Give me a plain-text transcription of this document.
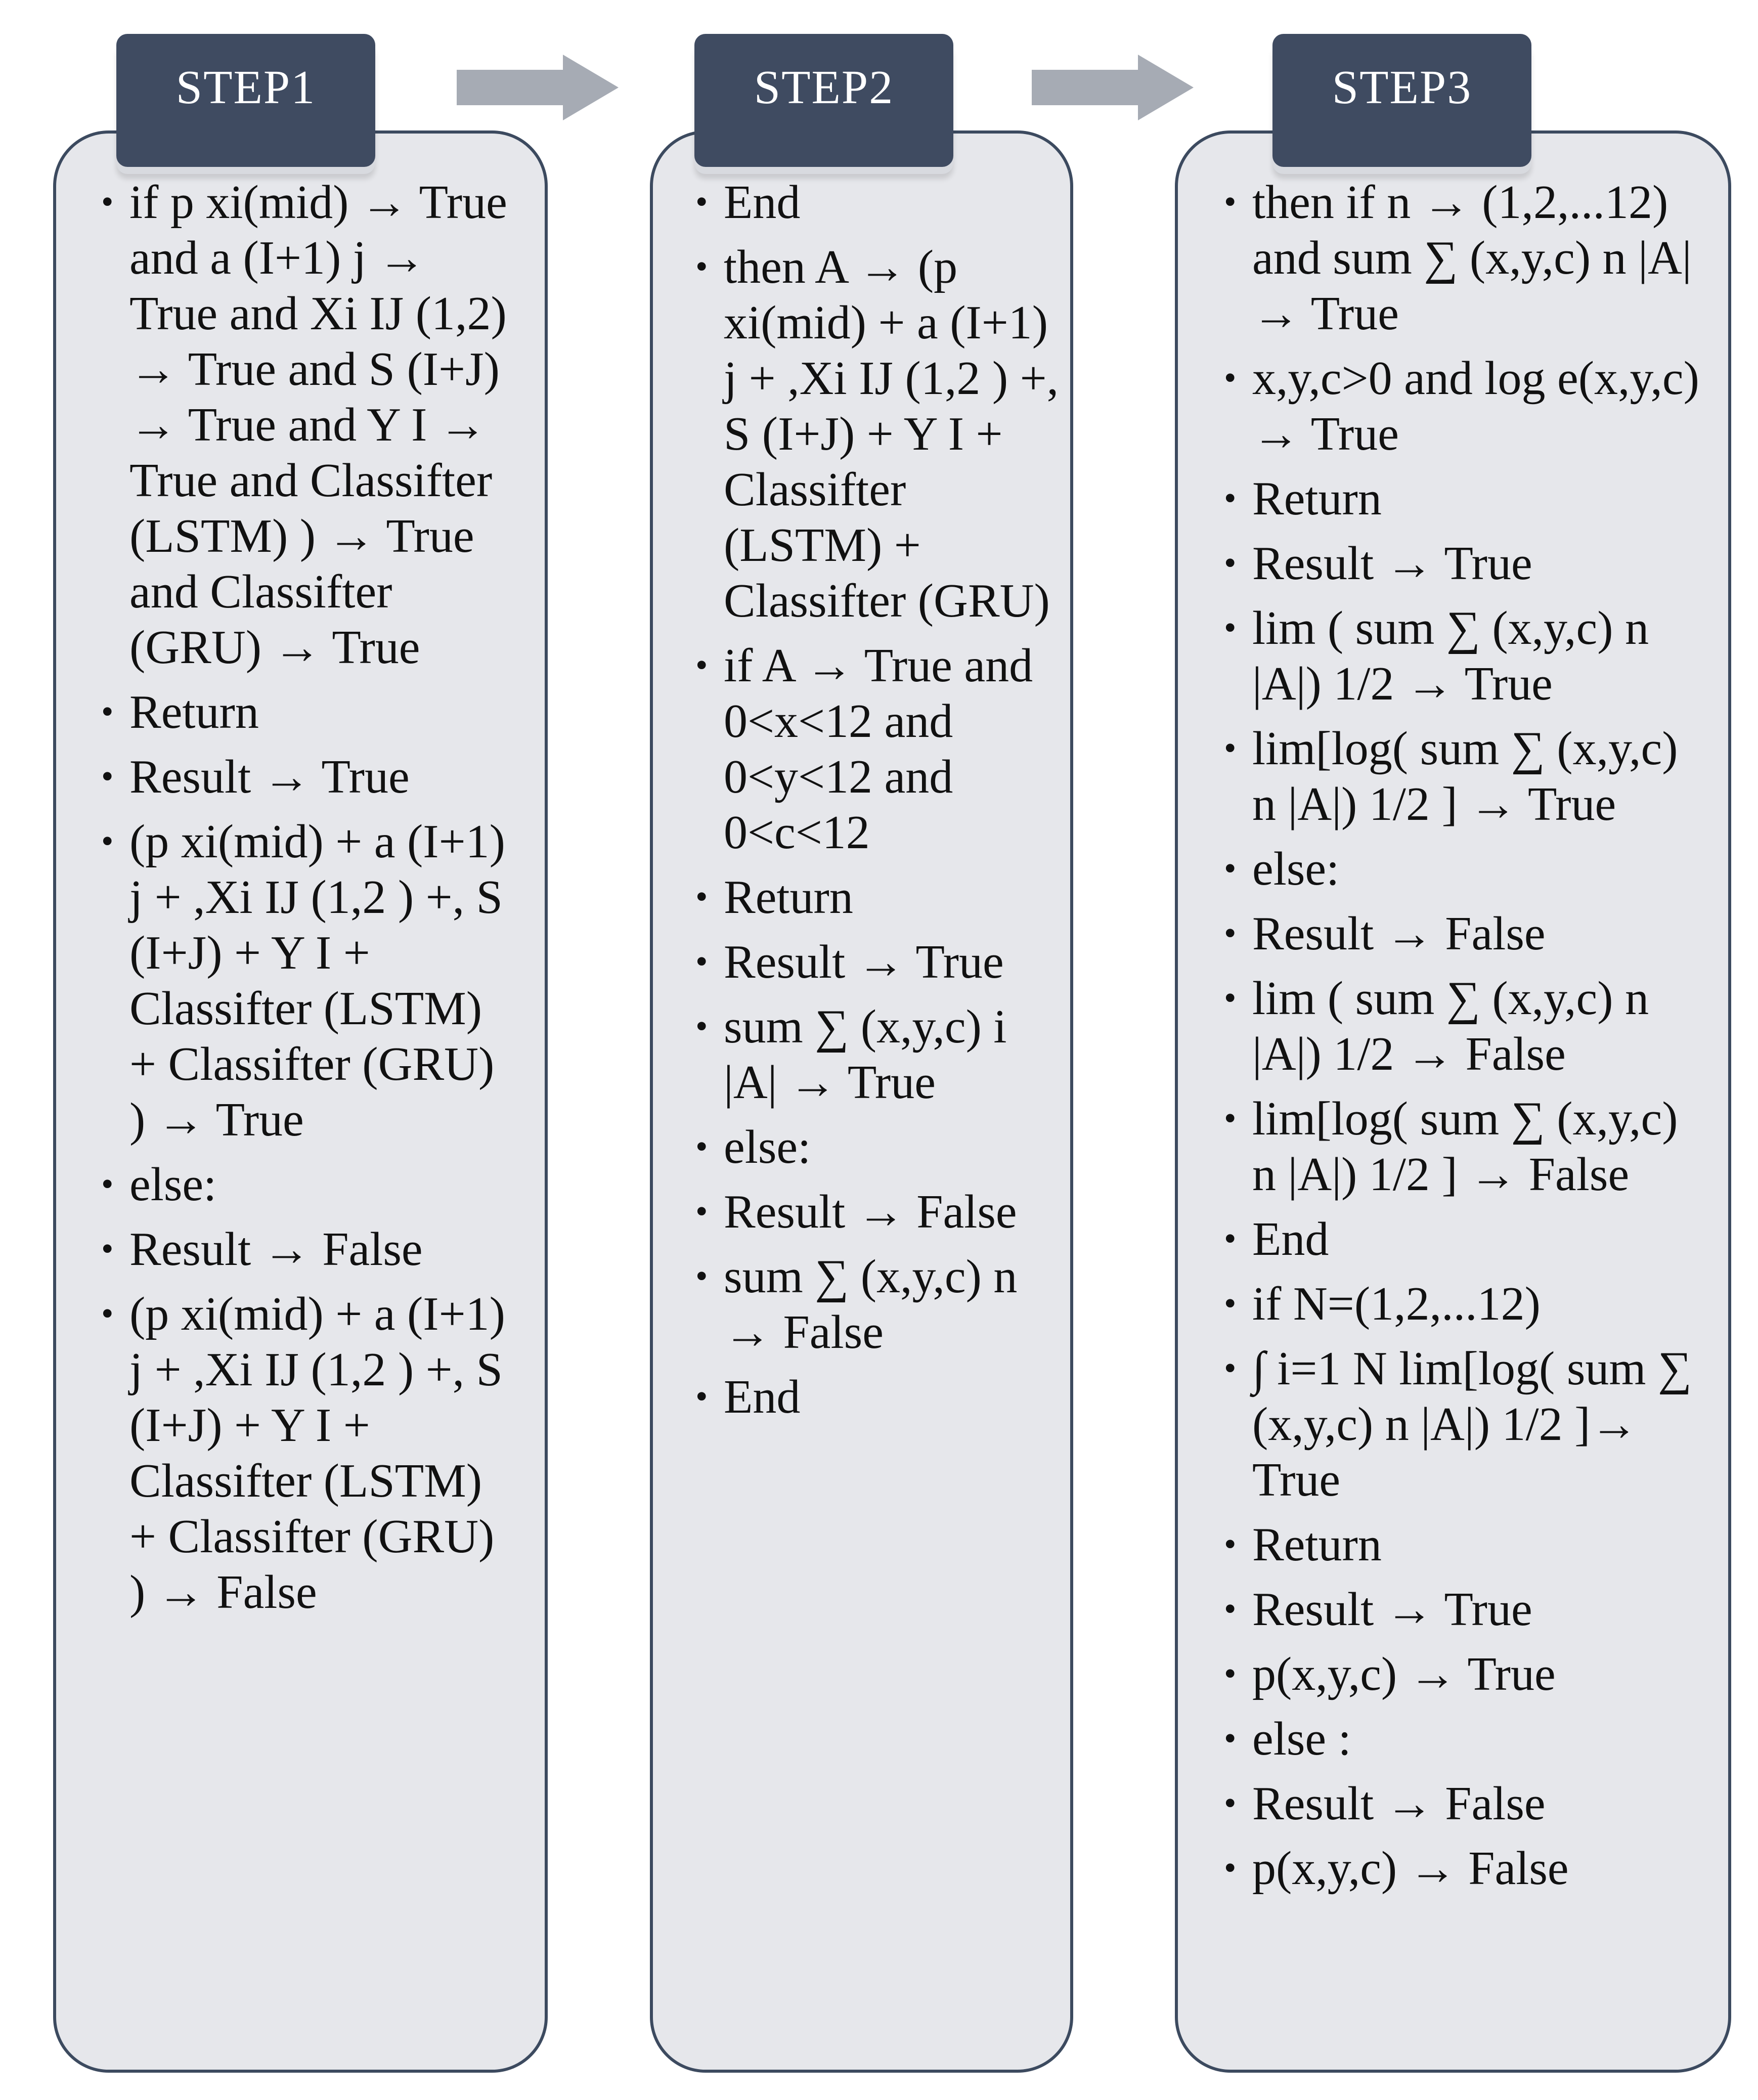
STEP1	STEP2	STEP3
• if p xi(mid) → True and a (I+1) j → True and Xi IJ (1,2) → True and S (I+J) → True and Y I → True and Classifter (LSTM) ) → True and Classifter (GRU) → True
• Return
• Result → True
• (p xi(mid) + a (I+1) j + ,Xi IJ (1,2 ) +, S (I+J) + Y I + Classifter (LSTM) + Classifter (GRU) ) → True
• else:
• Result → False
• (p xi(mid) + a (I+1) j + ,Xi IJ (1,2 ) +, S (I+J) + Y I + Classifter (LSTM) + Classifter (GRU) ) → False
• End
• then A → (p xi(mid) + a (I+1) j + ,Xi IJ (1,2 ) +, S (I+J) + Y I + Classifter (LSTM) + Classifter (GRU)
• if A → True and 0<x<12 and 0<y<12 and 0<c<12
• Return
• Result → True
• sum ∑ (x,y,c) i |A| → True
• else:
• Result → False
• sum ∑ (x,y,c) n → False
• End
• then if n → (1,2,...12) and sum ∑ (x,y,c) n |A| → True
• x,y,c>0 and log e(x,y,c) → True
• Return
• Result → True
• lim ( sum ∑ (x,y,c) n |A|) 1/2 → True
• lim[log( sum ∑ (x,y,c) n |A|) 1/2 ] → True
• else:
• Result → False
• lim ( sum ∑ (x,y,c) n |A|) 1/2 → False
• lim[log( sum ∑ (x,y,c) n |A|) 1/2 ] → False
• End
• if N=(1,2,...12)
• ∫ i=1 N lim[log( sum ∑ (x,y,c) n |A|) 1/2 ]→ True
• Return
• Result → True
• p(x,y,c) → True
• else :
• Result → False
• p(x,y,c) → False
